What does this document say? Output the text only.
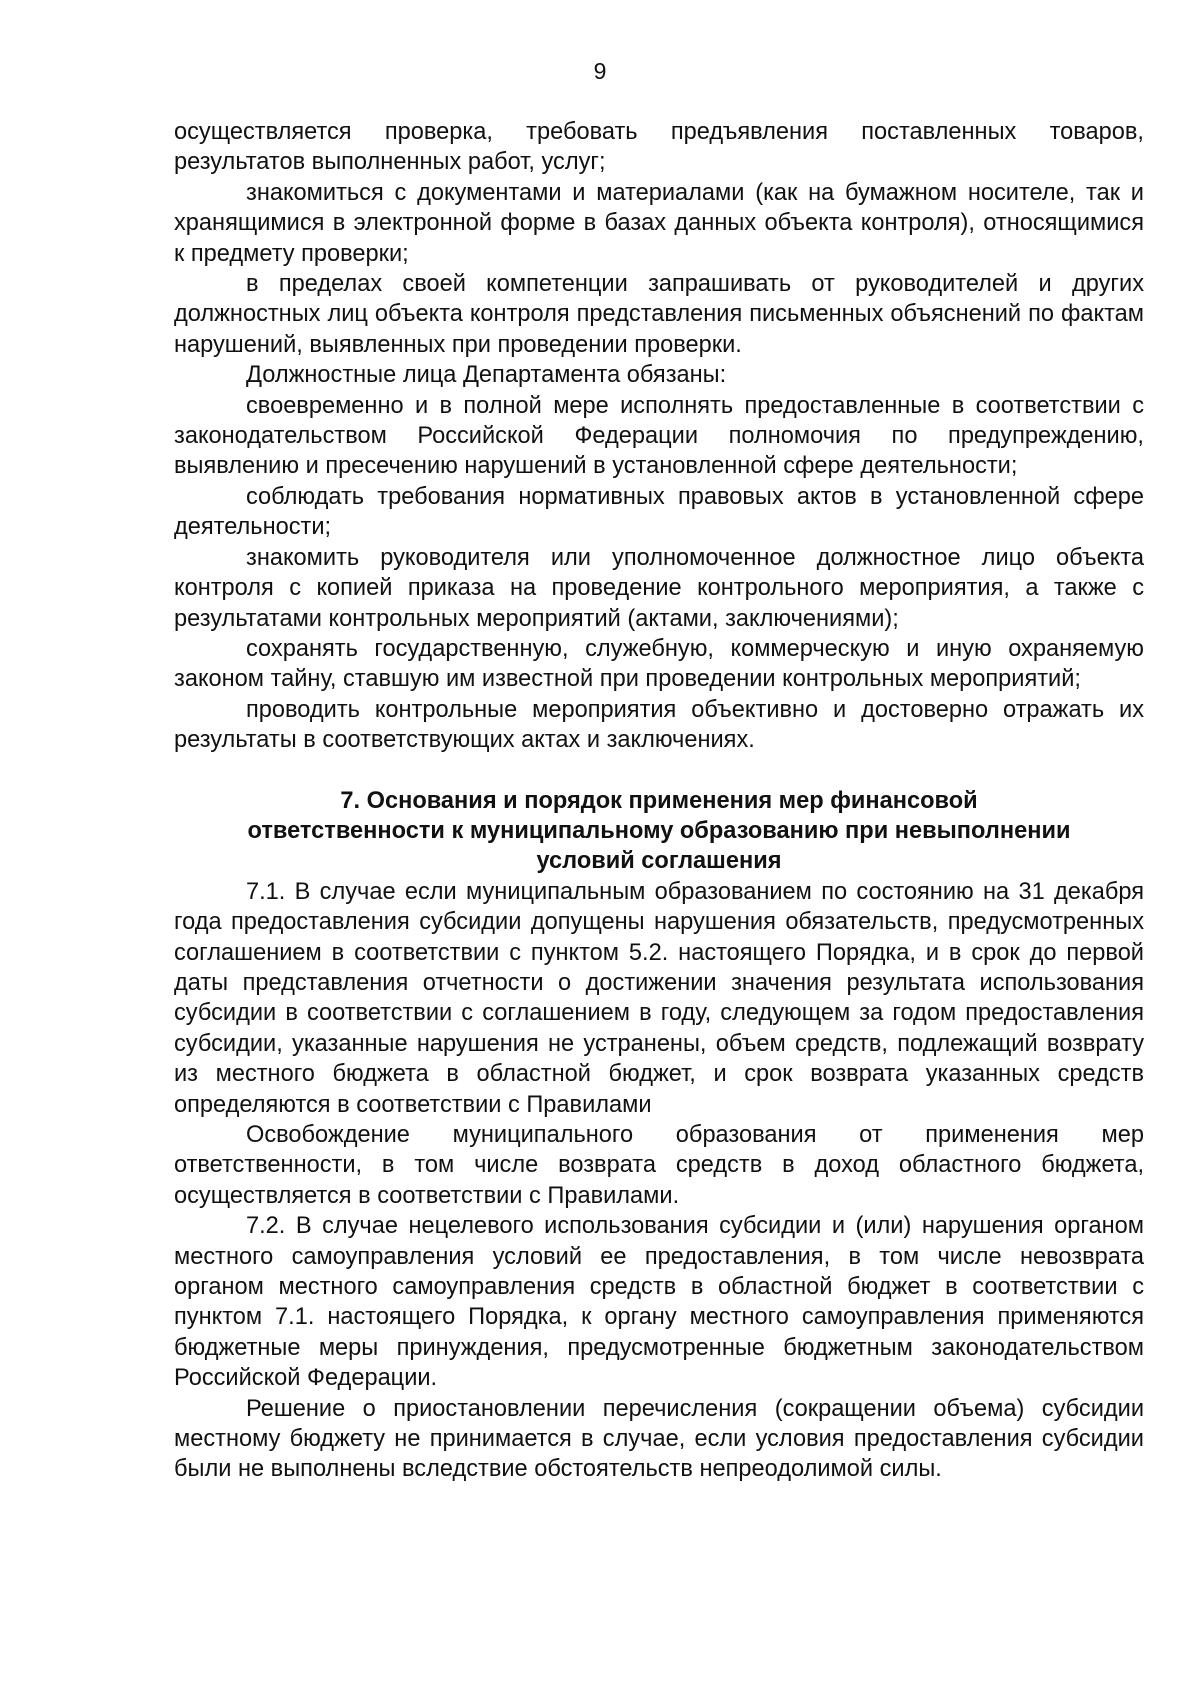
9

осуществляется проверка, требовать предъявления поставленных товаров, результатов выполненных работ, услуг;

знакомиться с документами и материалами (как на бумажном носителе, так и хранящимися в электронной форме в базах данных объекта контроля), относящимися к предмету проверки;

в пределах своей компетенции запрашивать от руководителей и других должностных лиц объекта контроля представления письменных объяснений по фактам нарушений, выявленных при проведении проверки.

Должностные лица Департамента обязаны:

своевременно и в полной мере исполнять предоставленные в соответствии с законодательством Российской Федерации полномочия по предупреждению, выявлению и пресечению нарушений в установленной сфере деятельности;

соблюдать требования нормативных правовых актов в установленной сфере деятельности;

знакомить руководителя или уполномоченное должностное лицо объекта контроля с копией приказа на проведение контрольного мероприятия, а также с результатами контрольных мероприятий (актами, заключениями);

сохранять государственную, служебную, коммерческую и иную охраняемую законом тайну, ставшую им известной при проведении контрольных мероприятий;

проводить контрольные мероприятия объективно и достоверно отражать их результаты в соответствующих актах и заключениях.

7. Основания и порядок применения мер финансовой
ответственности к муниципальному образованию при невыполнении
условий соглашения

7.1. В случае если муниципальным образованием по состоянию на 31 декабря года предоставления субсидии допущены нарушения обязательств, предусмотренных соглашением в соответствии с пунктом 5.2. настоящего Порядка, и в срок до первой даты представления отчетности о достижении значения результата использования субсидии в соответствии с соглашением в году, следующем за годом предоставления субсидии, указанные нарушения не устранены, объем средств, подлежащий возврату из местного бюджета в областной бюджет, и срок возврата указанных средств определяются в соответствии с Правилами

Освобождение муниципального образования от применения мер ответственности, в том числе возврата средств в доход областного бюджета, осуществляется в соответствии с Правилами.

7.2. В случае нецелевого использования субсидии и (или) нарушения органом местного самоуправления условий ее предоставления, в том числе невозврата органом местного самоуправления средств в областной бюджет в соответствии с пунктом 7.1. настоящего Порядка, к органу местного самоуправления применяются бюджетные меры принуждения, предусмотренные бюджетным законодательством Российской Федерации.

Решение о приостановлении перечисления (сокращении объема) субсидии местному бюджету не принимается в случае, если условия предоставления субсидии были не выполнены вследствие обстоятельств непреодолимой силы.
